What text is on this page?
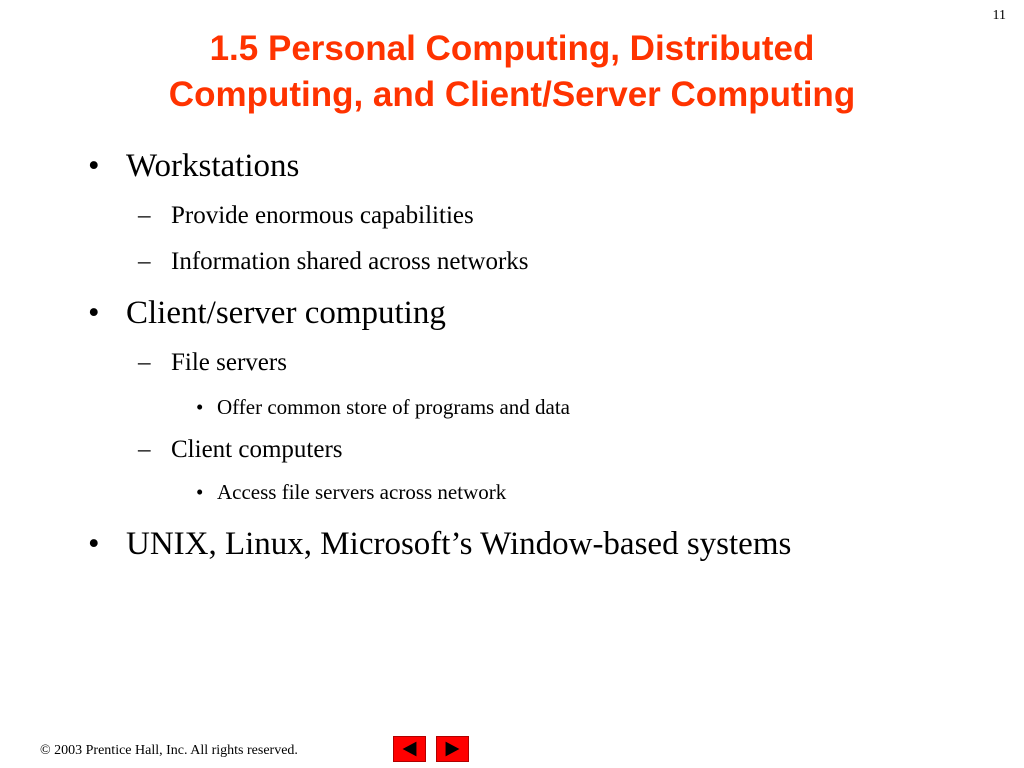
11
1.5 Personal Computing, Distributed
Computing, and Client/Server Computing
• Workstations
– Provide enormous capabilities
– Information shared across networks
• Client/server computing
– File servers
• Offer common store of programs and data
– Client computers
• Access file servers across network
• UNIX, Linux, Microsoft’s Window-based systems
© 2003 Prentice Hall, Inc. All rights reserved.
